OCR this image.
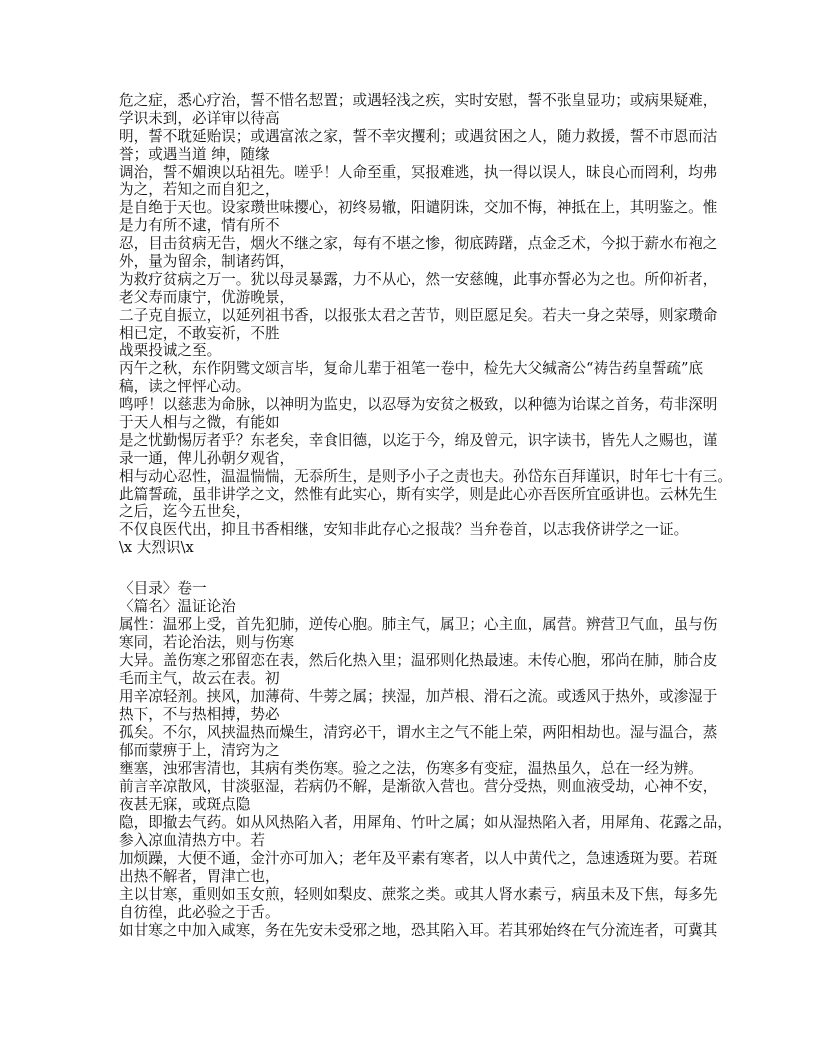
危之症，悉心疗治，誓不惜名恝置；或遇轻浅之疾，实时安慰，誓不张皇显功；或病果疑难，
学识未到，必详审以待高
明，誓不耽延贻误；或遇富浓之家，誓不幸灾攫利；或遇贫困之人，随力救援，誓不市恩而沽
誉；或遇当道 绅，随缘
调治，誓不媚谀以玷祖先。嗟乎！人命至重，冥报难逃，执一得以误人，昧良心而罔利，均弗
为之，若知之而自犯之，
是自绝于天也。设家瓒世味撄心，初终易辙，阳谴阴诛，交加不悔，神抵在上，其明鉴之。惟
是力有所不逮，情有所不
忍，目击贫病无告，烟火不继之家，每有不堪之惨，彻底踌躇，点金乏术，今拟于薪水布袍之
外，量为留余，制诸药饵，
为救疗贫病之万一。犹以母灵暴露，力不从心，然一安慈魄，此事亦誓必为之也。所仰祈者，
老父寿而康宁，优游晚景，
二子克自振立，以延列祖书香，以报张太君之苦节，则臣愿足矣。若夫一身之荣辱，则家瓒命
相已定，不敢妄祈，不胜
战栗投诚之至。
丙午之秋，东作阴骘文颂言毕，复命儿辈于祖笔一卷中，检先大父缄斋公“祷告药皇誓疏”底
稿，读之怦怦心动。
鸣呼！以慈悲为命脉，以神明为监史，以忍辱为安贫之极致，以种德为诒谋之首务，苟非深明
于天人相与之微，有能如
是之忧勤惕厉者乎？东老矣，幸食旧德，以迄于今，绵及曾元，识字读书，皆先人之赐也，谨
录一通，俾儿孙朝夕观省，
相与动心忍性，温温惴惴，无忝所生，是则予小子之责也夫。孙岱东百拜谨识，时年七十有三。
此篇誓疏，虽非讲学之文，然惟有此实心，斯有实学，则是此心亦吾医所宜亟讲也。云林先生
之后，迄今五世矣，
不仅良医代出，抑且书香相继，安知非此存心之报哉？当弁卷首，以志我侪讲学之一证。
\x 大烈识\x
〈目录〉卷一
〈篇名〉温证论治
属性：温邪上受，首先犯肺，逆传心胞。肺主气，属卫；心主血，属营。辨营卫气血，虽与伤
寒同，若论治法，则与伤寒
大异。盖伤寒之邪留恋在表，然后化热入里；温邪则化热最速。未传心胞，邪尚在肺，肺合皮
毛而主气，故云在表。初
用辛凉轻剂。挟风，加薄荷、牛蒡之属；挟湿，加芦根、滑石之流。或透风于热外，或渗湿于
热下，不与热相搏，势必
孤矣。不尔，风挟温热而燥生，清窍必干，谓水主之气不能上荣，两阳相劫也。湿与温合，蒸
郁而蒙痹于上，清窍为之
壅塞，浊邪害清也，其病有类伤寒。验之之法，伤寒多有变症，温热虽久，总在一经为辨。
前言辛凉散风，甘淡驱湿，若病仍不解，是渐欲入营也。营分受热，则血液受劫，心神不安，
夜甚无寐，或斑点隐
隐，即撤去气药。如从风热陷入者，用犀角、竹叶之属；如从湿热陷入者，用犀角、花露之品，
参入凉血清热方中。若
加烦躁，大便不通，金汁亦可加入；老年及平素有寒者，以人中黄代之，急速透斑为要。若斑
出热不解者，胃津亡也，
主以甘寒，重则如玉女煎，轻则如梨皮、蔗浆之类。或其人肾水素亏，病虽未及下焦，每多先
自彷徨，此必验之于舌。
如甘寒之中加入咸寒，务在先安未受邪之地，恐其陷入耳。若其邪始终在气分流连者，可冀其
